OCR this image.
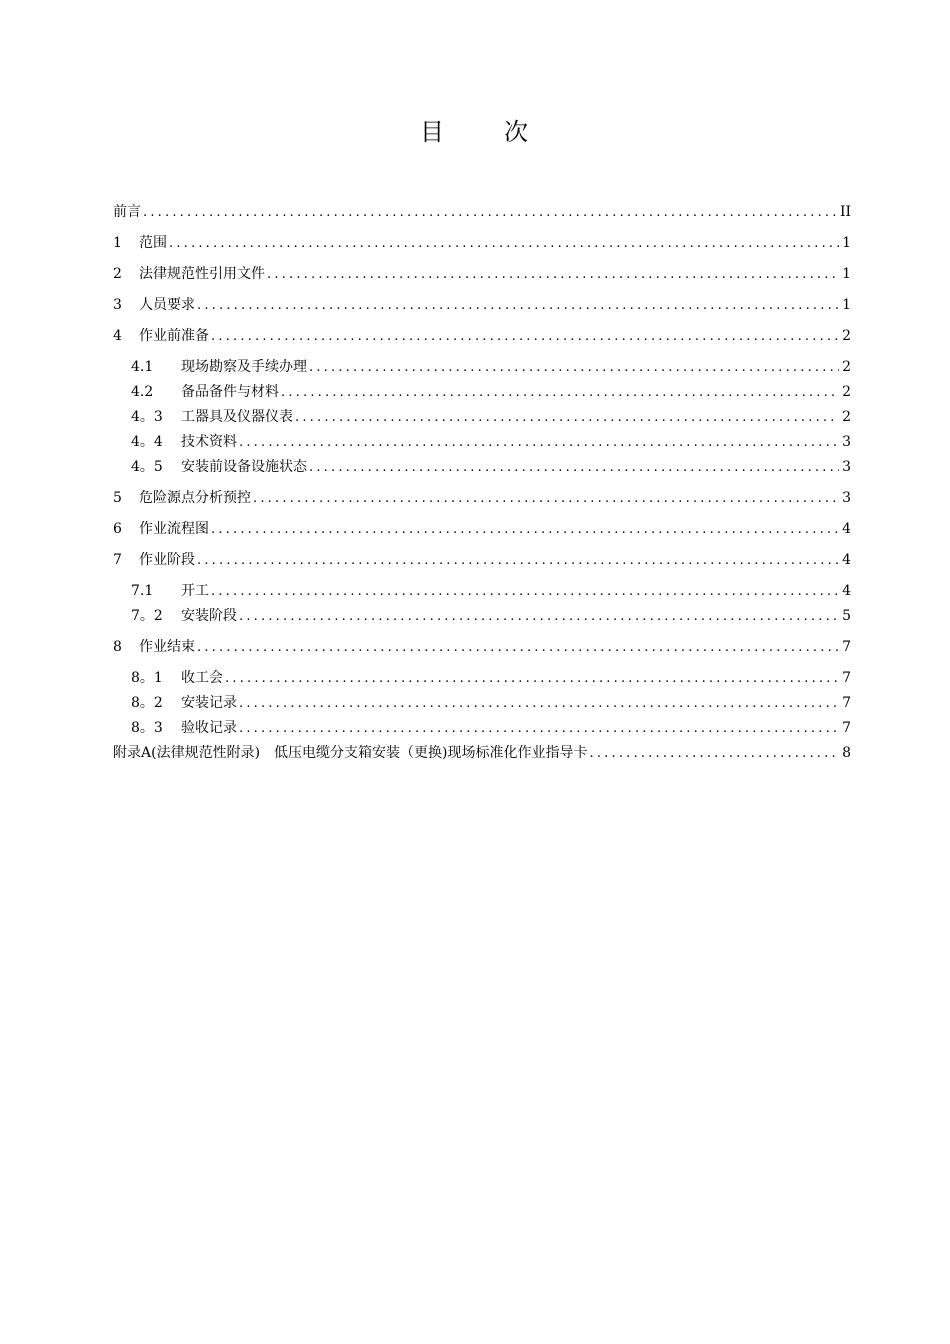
目 次
前言 .....	II
1	范围 .....	1
2	法律规范性引用文件 .....	1
3	人员要求 .....	1
4	作业前准备 .....	2
4.1	现场勘察及手续办理 .....	2
4.2	备品备件与材料 .....	2
4。3	工器具及仪器仪表 .....	2
4。4	技术资料 .....	3
4。5	安装前设备设施状态 .....	3
5	危险源点分析预控 .....	3
6	作业流程图 .....	4
7	作业阶段 .....	4
7.1	开工 .....	4
7。2	安装阶段 .....	5
8	作业结束 .....	7
8。1	收工会 .....	7
8。2	安装记录 .....	7
8。3	验收记录 .....	7
附录A(法律规范性附录)　低压电缆分支箱安装（更换)现场标准化作业指导卡 .....	8
